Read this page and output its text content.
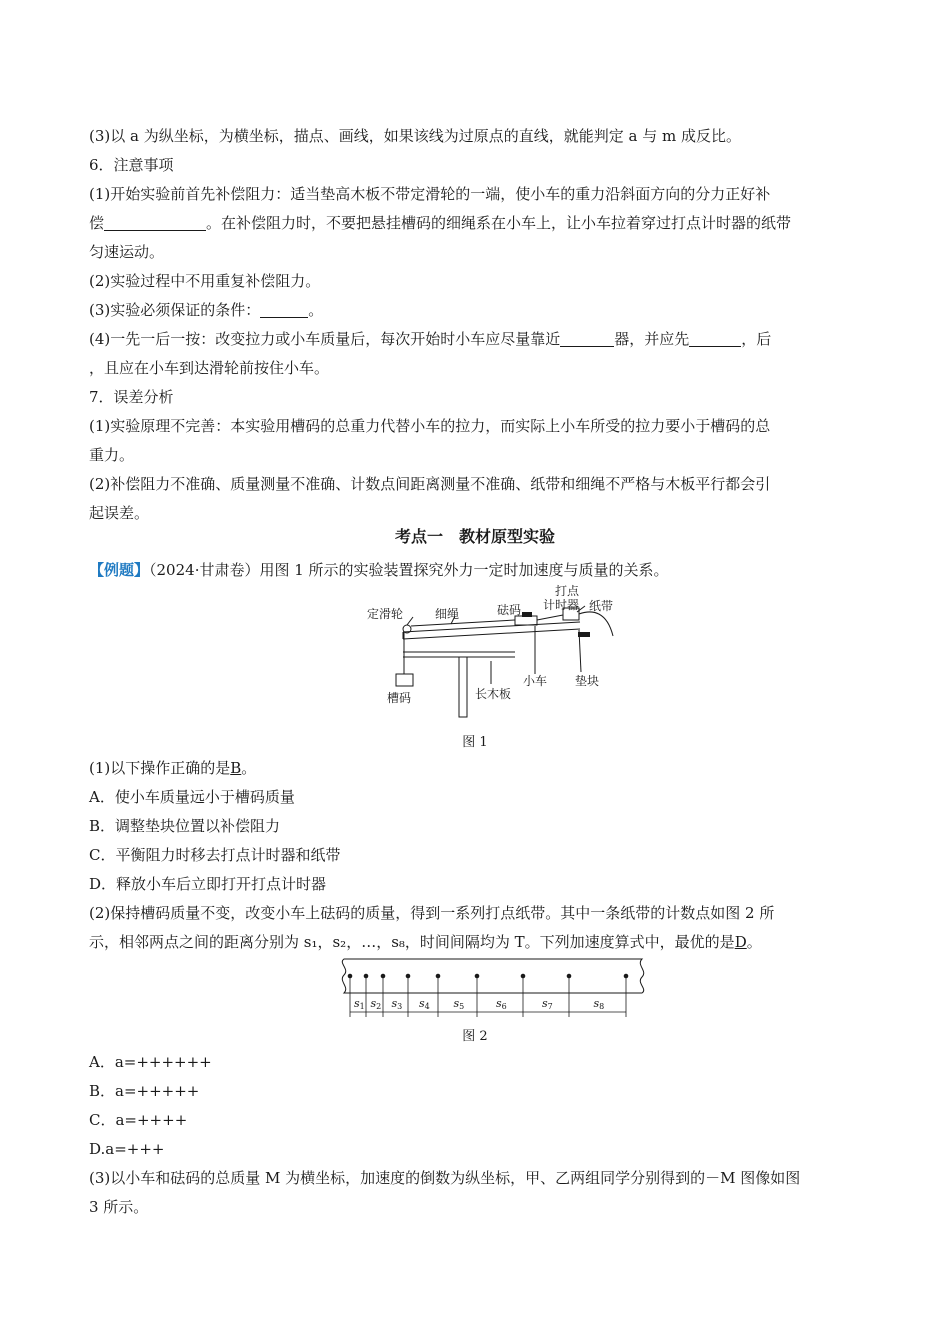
(3)以 a 为纵坐标，为横坐标，描点、画线，如果该线为过原点的直线，就能判定 a 与 m 成反比。
6．注意事项
(1)开始实验前首先补偿阻力：适当垫高木板不带定滑轮的一端，使小车的重力沿斜面方向的分力正好补
偿	。在补偿阻力时，不要把悬挂槽码的细绳系在小车上，让小车拉着穿过打点计时器的纸带
匀速运动。
(2)实验过程中不用重复补偿阻力。
(3)实验必须保证的条件：	。
(4)一先一后一按：改变拉力或小车质量后，每次开始时小车应尽量靠近	器，并应先	，后
，且应在小车到达滑轮前按住小车。
7．误差分析
(1)实验原理不完善：本实验用槽码的总重力代替小车的拉力，而实际上小车所受的拉力要小于槽码的总
重力。
(2)补偿阻力不准确、质量测量不准确、计数点间距离测量不准确、纸带和细绳不严格与木板平行都会引
起误差。
考点一　教材原型实验
【例题】（2024·甘肃卷）用图 1 所示的实验装置探究外力一定时加速度与质量的关系。
定滑轮	细绳	砝码
打点
计时器 纸带
槽码	长木板
小车 垫块
图 1
(1)以下操作正确的是B。
A．使小车质量远小于槽码质量
B．调整垫块位置以补偿阻力
C．平衡阻力时移去打点计时器和纸带
D．释放小车后立即打开打点计时器
(2)保持槽码质量不变，改变小车上砝码的质量，得到一系列打点纸带。其中一条纸带的计数点如图 2 所
示，相邻两点之间的距离分别为 s₁，s₂，…，s₈，时间间隔均为 T。下列加速度算式中，最优的是D。
s1 s2 s3 s4 s5	s6	s7	s8
图 2
A．a=++++++
B．a=+++++
C．a=++++
D.a=+++
(3)以小车和砝码的总质量 M 为横坐标，加速度的倒数为纵坐标，甲、乙两组同学分别得到的－M 图像如图
3 所示。
